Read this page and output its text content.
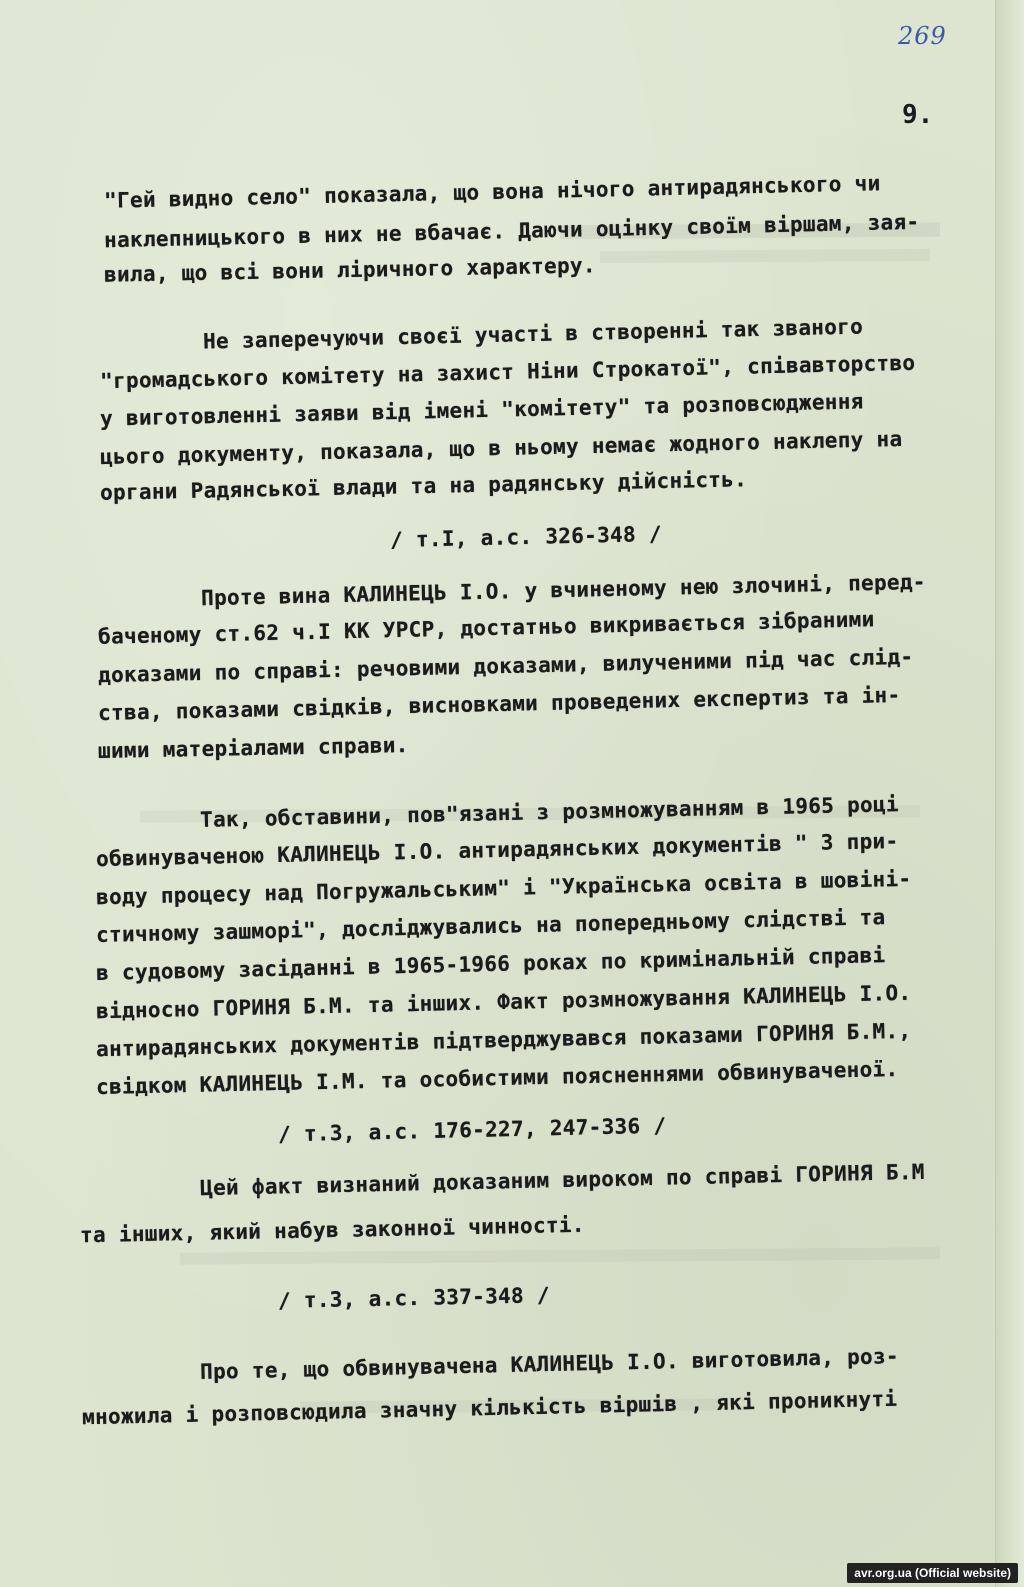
269
9.
"Гей видно село" показала, що вона нічого антирадянського чи
наклепницького в них не вбачає. Даючи оцінку своїм віршам, зая-
вила, що всі вони ліричного характеру.
Не заперечуючи своєї участі в створенні так званого
"громадського комітету на захист Ніни Строкатої", співавторство
у виготовленні заяви від імені "комітету" та розповсюдження
цього документу, показала, що в ньому немає жодного наклепу на
органи Радянської влади та на радянську дійсність.
/ т.І, а.с. 326-348 /
Проте вина КАЛИНЕЦЬ І.О. у вчиненому нею злочині, перед-
баченому ст.62 ч.І КК УРСР, достатньо викривається зібраними
доказами по справі: речовими доказами, вилученими під час слід-
ства, показами свідків, висновками проведених експертиз та ін-
шими матеріалами справи.
Так, обставини, пов"язані з розмножуванням в 1965 році
обвинуваченою КАЛИНЕЦЬ І.О. антирадянських документів " З при-
воду процесу над Погружальським" і "Українська освіта в шовіні-
стичному зашморі", досліджувались на попередньому слідстві та
в судовому засіданні в 1965-1966 роках по кримінальній справі
відносно ГОРИНЯ Б.М. та інших. Факт розмножування КАЛИНЕЦЬ І.О.
антирадянських документів підтверджувався показами ГОРИНЯ Б.М.,
свідком КАЛИНЕЦЬ І.М. та особистими поясненнями обвинуваченої.
/ т.3, а.с. 176-227, 247-336 /
Цей факт визнаний доказаним вироком по справі ГОРИНЯ Б.М
та інших, який набув законної чинності.
/ т.3, а.с. 337-348 /
Про те, що обвинувачена КАЛИНЕЦЬ І.О. виготовила, роз-
множила і розповсюдила значну кількість віршів , які проникнуті
avr.org.ua (Official website)
